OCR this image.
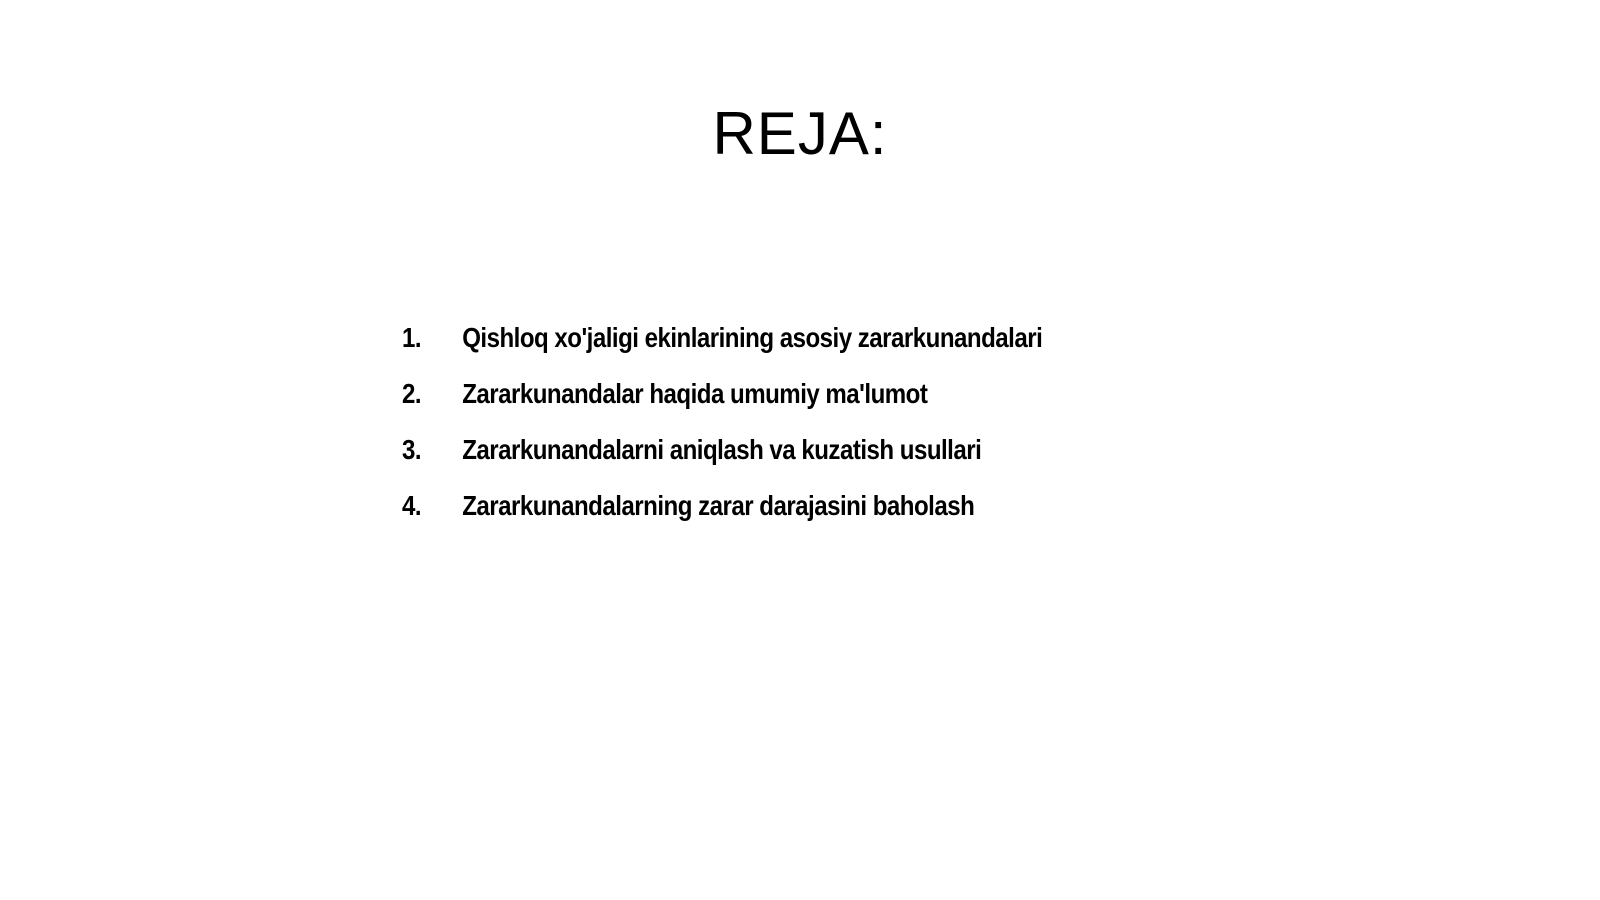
REJA:
1.	Qishloq xo'jaligi ekinlarining asosiy zararkunandalari
2.	Zararkunandalar haqida umumiy ma'lumot
3.	Zararkunandalarni aniqlash va kuzatish usullari
4.	Zararkunandalarning zarar darajasini baholash
